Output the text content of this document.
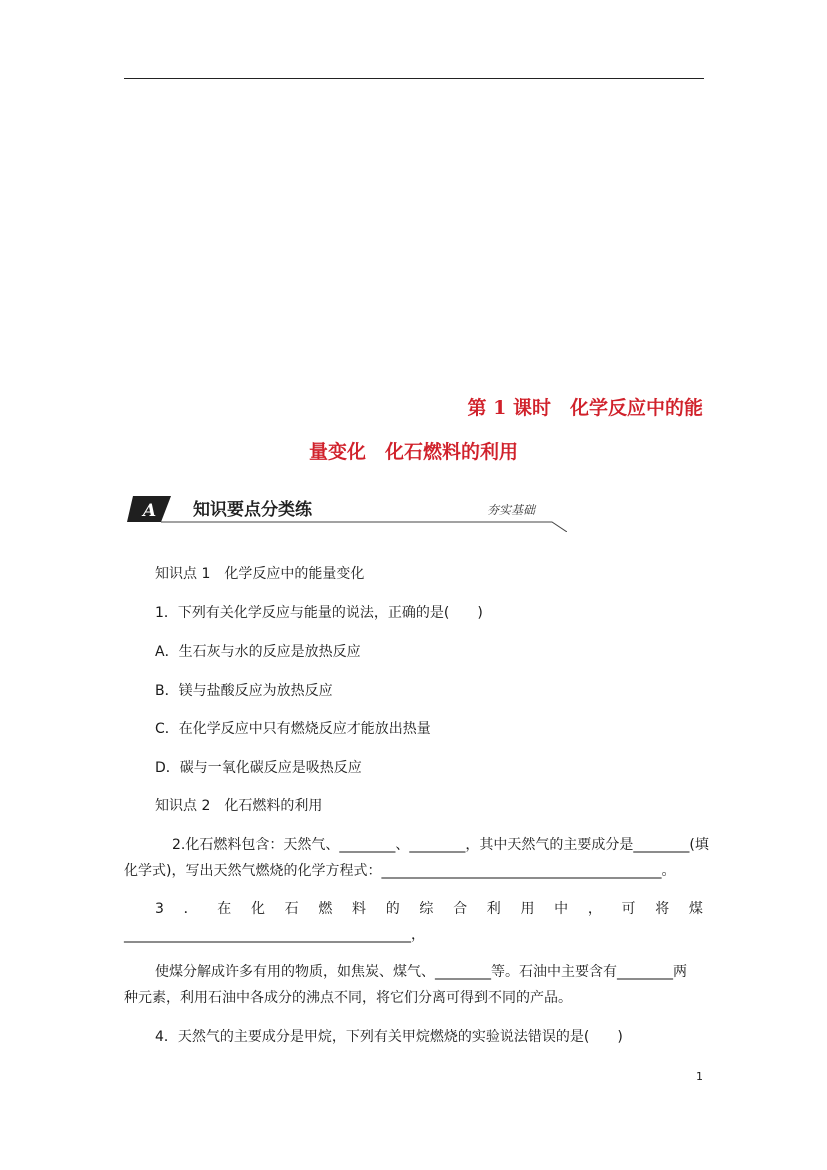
第 1 课时　化学反应中的能
量变化　化石燃料的利用
A 知识要点分类练	夯实基础
知识点 1　化学反应中的能量变化
1．下列有关化学反应与能量的说法，正确的是(　　)
A．生石灰与水的反应是放热反应
B．镁与盐酸反应为放热反应
C．在化学反应中只有燃烧反应才能放出热量
D．碳与一氧化碳反应是吸热反应
知识点 2　化石燃料的利用
2.化石燃料包含：天然气、________、________，其中天然气的主要成分是________(填
化学式)，写出天然气燃烧的化学方程式：________________________________________。
3 ． 在 化 石 燃 料 的 综 合 利 用 中 ， 可 将 煤
_________________________________________，
使煤分解成许多有用的物质，如焦炭、煤气、________等。石油中主要含有________两
种元素，利用石油中各成分的沸点不同，将它们分离可得到不同的产品。
4．天然气的主要成分是甲烷，下列有关甲烷燃烧的实验说法错误的是(　　)
1
